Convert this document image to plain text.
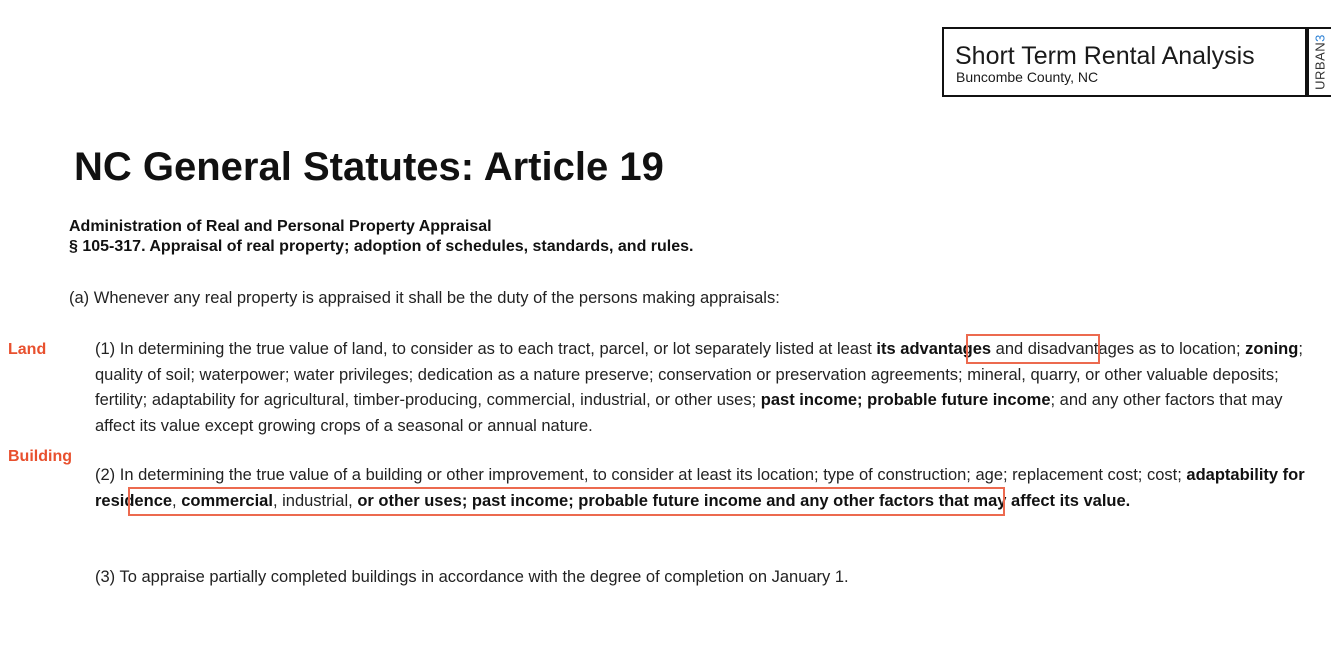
Short Term Rental Analysis
Buncombe County, NC	URBAN3
NC General Statutes: Article 19
Administration of Real and Personal Property Appraisal
§ 105-317. Appraisal of real property; adoption of schedules, standards, and rules.
(a) Whenever any real property is appraised it shall be the duty of the persons making appraisals:
Land	(1) In determining the true value of land, to consider as to each tract, parcel, or lot separately listed at least its advantages and disadvantages as to location; zoning; quality of soil; waterpower; water privileges; dedication as a nature preserve; conservation or preservation agreements; mineral, quarry, or other valuable deposits; fertility; adaptability for agricultural, timber-producing, commercial, industrial, or other uses; past income; probable future income; and any other factors that may affect its value except growing crops of a seasonal or annual nature.
Building
(2) In determining the true value of a building or other improvement, to consider at least its location; type of construction; age; replacement cost; cost; adaptability for residence, commercial, industrial, or other uses; past income; probable future income and any other factors that may affect its value.
(3) To appraise partially completed buildings in accordance with the degree of completion on January 1.
